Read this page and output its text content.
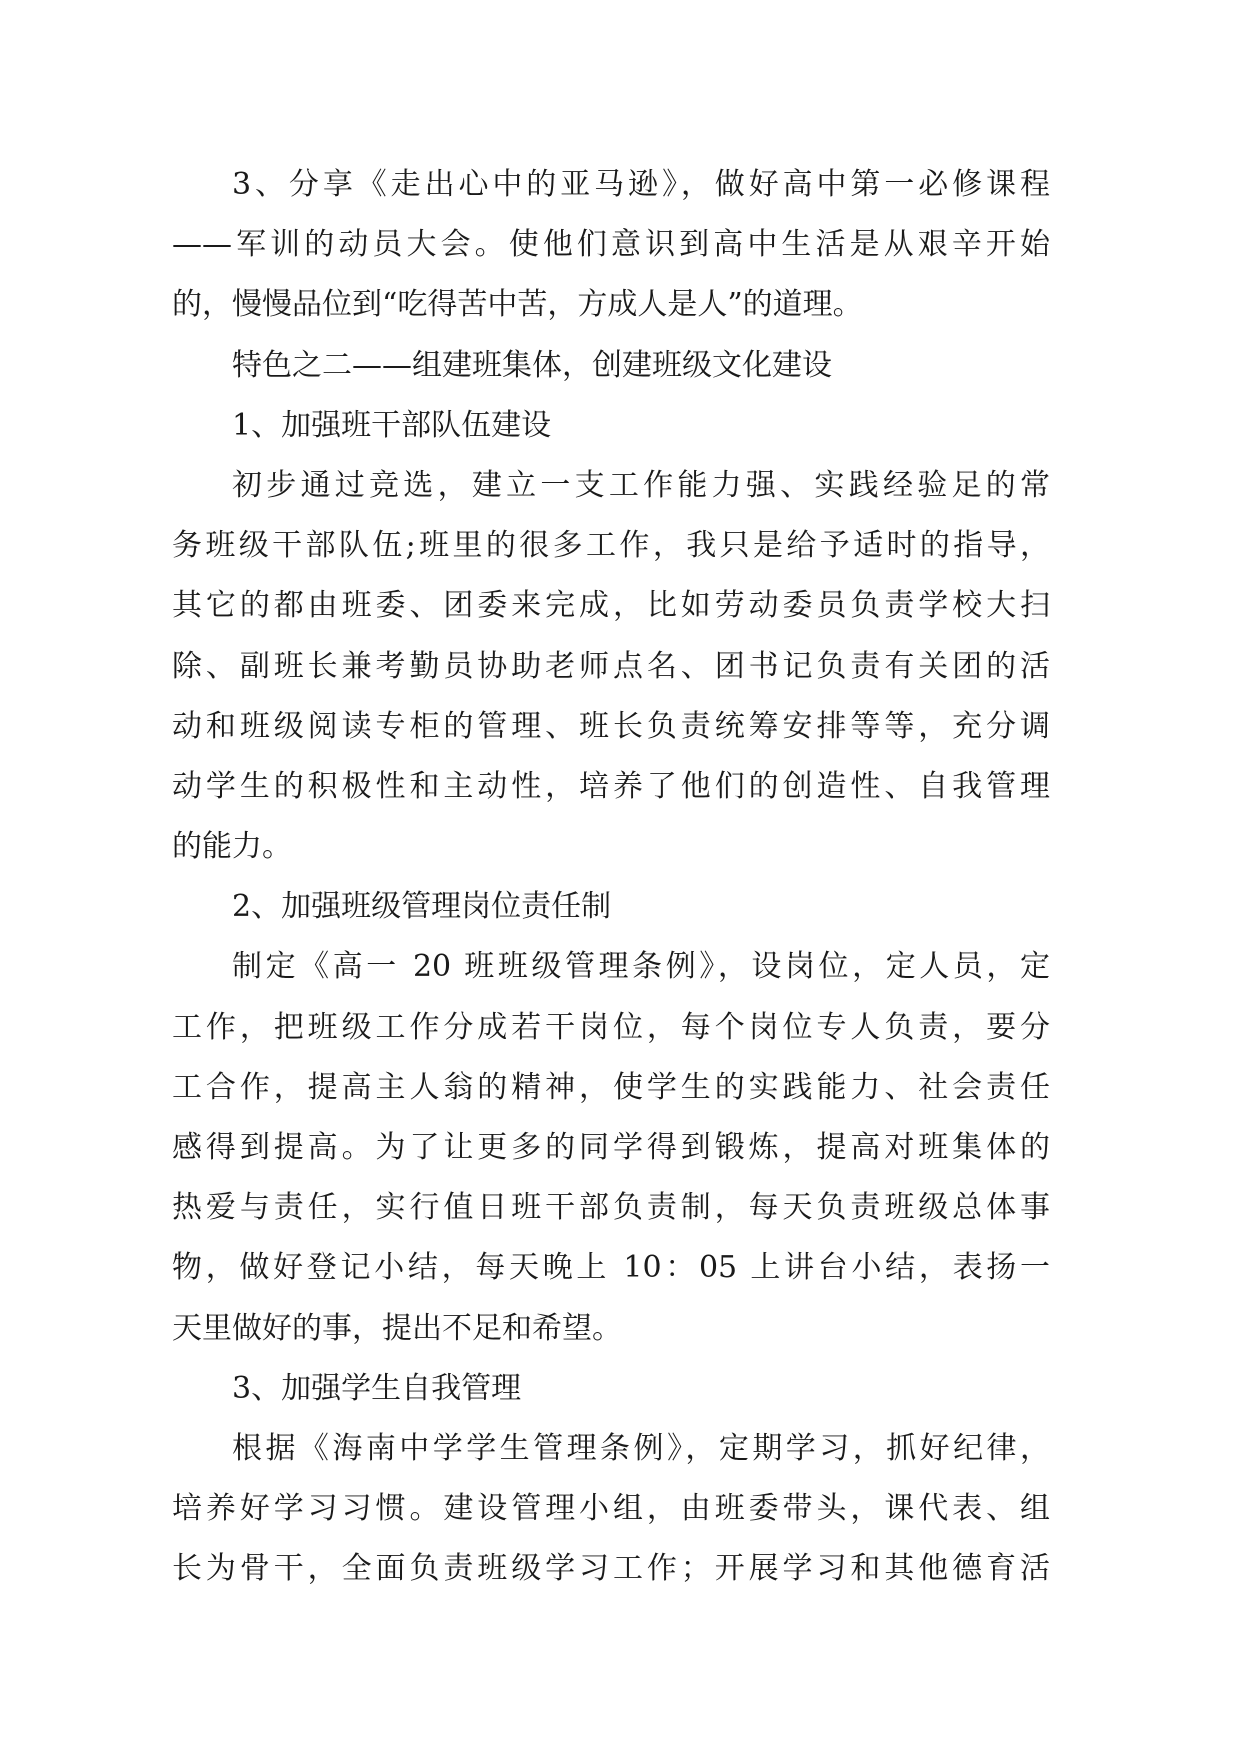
3、分享《走出心中的亚马逊》，做好高中第一必修课程
——军训的动员大会。使他们意识到高中生活是从艰辛开始
的，慢慢品位到“吃得苦中苦，方成人是人”的道理。
特色之二——组建班集体，创建班级文化建设
1、加强班干部队伍建设
初步通过竞选，建立一支工作能力强、实践经验足的常
务班级干部队伍;班里的很多工作，我只是给予适时的指导，
其它的都由班委、团委来完成，比如劳动委员负责学校大扫
除、副班长兼考勤员协助老师点名、团书记负责有关团的活
动和班级阅读专柜的管理、班长负责统筹安排等等，充分调
动学生的积极性和主动性，培养了他们的创造性、自我管理
的能力。
2、加强班级管理岗位责任制
制定《高一 20 班班级管理条例》，设岗位，定人员，定
工作，把班级工作分成若干岗位，每个岗位专人负责，要分
工合作，提高主人翁的精神，使学生的实践能力、社会责任
感得到提高。为了让更多的同学得到锻炼，提高对班集体的
热爱与责任，实行值日班干部负责制，每天负责班级总体事
物，做好登记小结，每天晚上 10：05 上讲台小结，表扬一
天里做好的事，提出不足和希望。
3、加强学生自我管理
根据《海南中学学生管理条例》，定期学习，抓好纪律，
培养好学习习惯。建设管理小组，由班委带头，课代表、组
长为骨干，全面负责班级学习工作；开展学习和其他德育活
